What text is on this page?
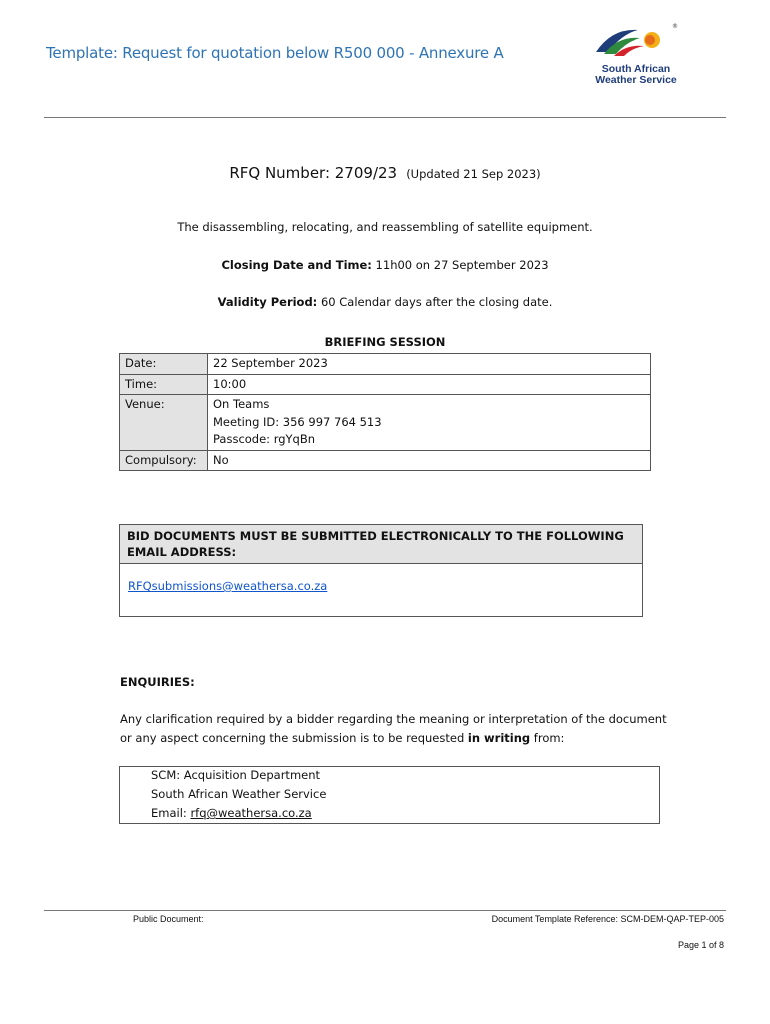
Template: Request for quotation below R500 000 - Annexure A
®
South African
Weather Service
RFQ Number: 2709/23 (Updated 21 Sep 2023)
The disassembling, relocating, and reassembling of satellite equipment.
Closing Date and Time: 11h00 on 27 September 2023
Validity Period: 60 Calendar days after the closing date.
BRIEFING SESSION
Date:	22 September 2023
Time:	10:00
Venue:	On Teams
Meeting ID: 356 997 764 513
Passcode: rgYqBn

Compulsory:	No
BID DOCUMENTS MUST BE SUBMITTED ELECTRONICALLY TO THE FOLLOWING EMAIL ADDRESS:
RFQsubmissions@weathersa.co.za
ENQUIRIES:
Any clarification required by a bidder regarding the meaning or interpretation of the document or any aspect concerning the submission is to be requested in writing from:
SCM: Acquisition Department
South African Weather Service
Email: rfq@weathersa.co.za
Public Document:	Document Template Reference: SCM-DEM-QAP-TEP-005
Page 1 of 8
